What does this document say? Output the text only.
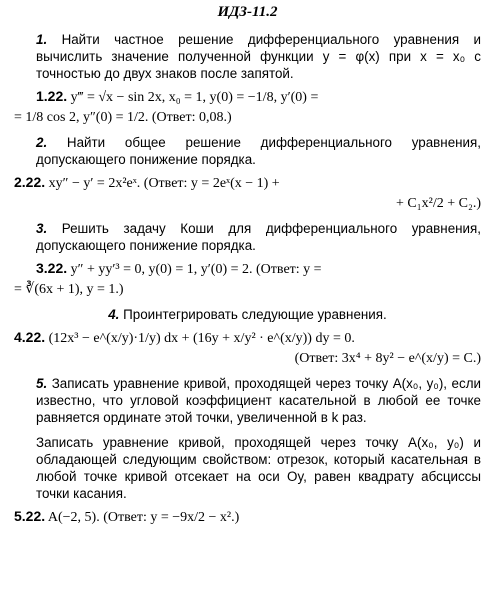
ИДЗ-11.2
1. Найти частное решение дифференциального уравнения и вычислить значение полученной функции y = φ(x) при x = x₀ с точностью до двух знаков после запятой.
1.22. y‴ = √x − sin 2x, x₀ = 1, y(0) = −1/8, y′(0) =
= 1/8 cos 2, y″(0) = 1/2. (Ответ: 0,08.)
2. Найти общее решение дифференциального уравнения, допускающего понижение порядка.
2.22. xy″ − y′ = 2x²eˣ. (Ответ: y = 2eˣ(x − 1) +
+ C₁x²/2 + C₂.)
3. Решить задачу Коши для дифференциального уравнения, допускающего понижение порядка.
3.22. y″ + yy′³ = 0, y(0) = 1, y′(0) = 2. (Ответ: y =
= ∛(6x + 1), y = 1.)
4. Проинтегрировать следующие уравнения.
4.22. (12x³ − e^(x/y)·1/y) dx + (16y + x/y² · e^(x/y)) dy = 0.
(Ответ: 3x⁴ + 8y² − e^(x/y) = C.)
5. Записать уравнение кривой, проходящей через точку A(x₀, y₀), если известно, что угловой коэффициент касательной в любой ее точке равняется ординате этой точки, увеличенной в k раз.
Записать уравнение кривой, проходящей через точку A(x₀, y₀) и обладающей следующим свойством: отрезок, который касательная в любой точке кривой отсекает на оси Oy, равен квадрату абсциссы точки касания.
5.22. A(−2, 5). (Ответ: y = −9x/2 − x².)
